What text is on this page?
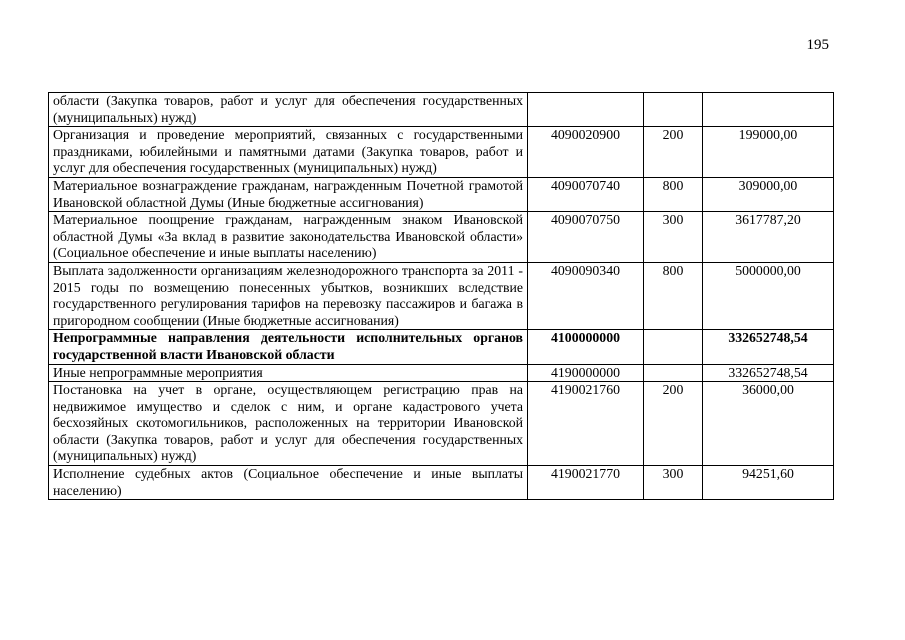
195
области (Закупка товаров, работ и услуг для обеспечения государственных (муниципальных) нужд)			
Организация и проведение мероприятий, связанных с государственными праздниками, юбилейными и памятными датами (Закупка товаров, работ и услуг для обеспечения государственных (муниципальных) нужд)	4090020900	200	199000,00
Материальное вознаграждение гражданам, награжденным Почетной грамотой Ивановской областной Думы (Иные бюджетные ассигнования)	4090070740	800	309000,00
Материальное поощрение гражданам, награжденным знаком Ивановской областной Думы «За вклад в развитие законодательства Ивановской области» (Социальное обеспечение и иные выплаты населению)	4090070750	300	3617787,20
Выплата задолженности организациям железнодорожного транспорта за 2011 - 2015 годы по возмещению понесенных убытков, возникших вследствие государственного регулирования тарифов на перевозку пассажиров и багажа в пригородном сообщении (Иные бюджетные ассигнования)	4090090340	800	5000000,00
Непрограммные направления деятельности исполнительных органов государственной власти Ивановской области	4100000000		332652748,54
Иные непрограммные мероприятия	4190000000		332652748,54
Постановка на учет в органе, осуществляющем регистрацию прав на недвижимое имущество и сделок с ним, и органе кадастрового учета бесхозяйных скотомогильников, расположенных на территории Ивановской области (Закупка товаров, работ и услуг для обеспечения государственных (муниципальных) нужд)	4190021760	200	36000,00
Исполнение судебных актов (Социальное обеспечение и иные выплаты населению)	4190021770	300	94251,60
